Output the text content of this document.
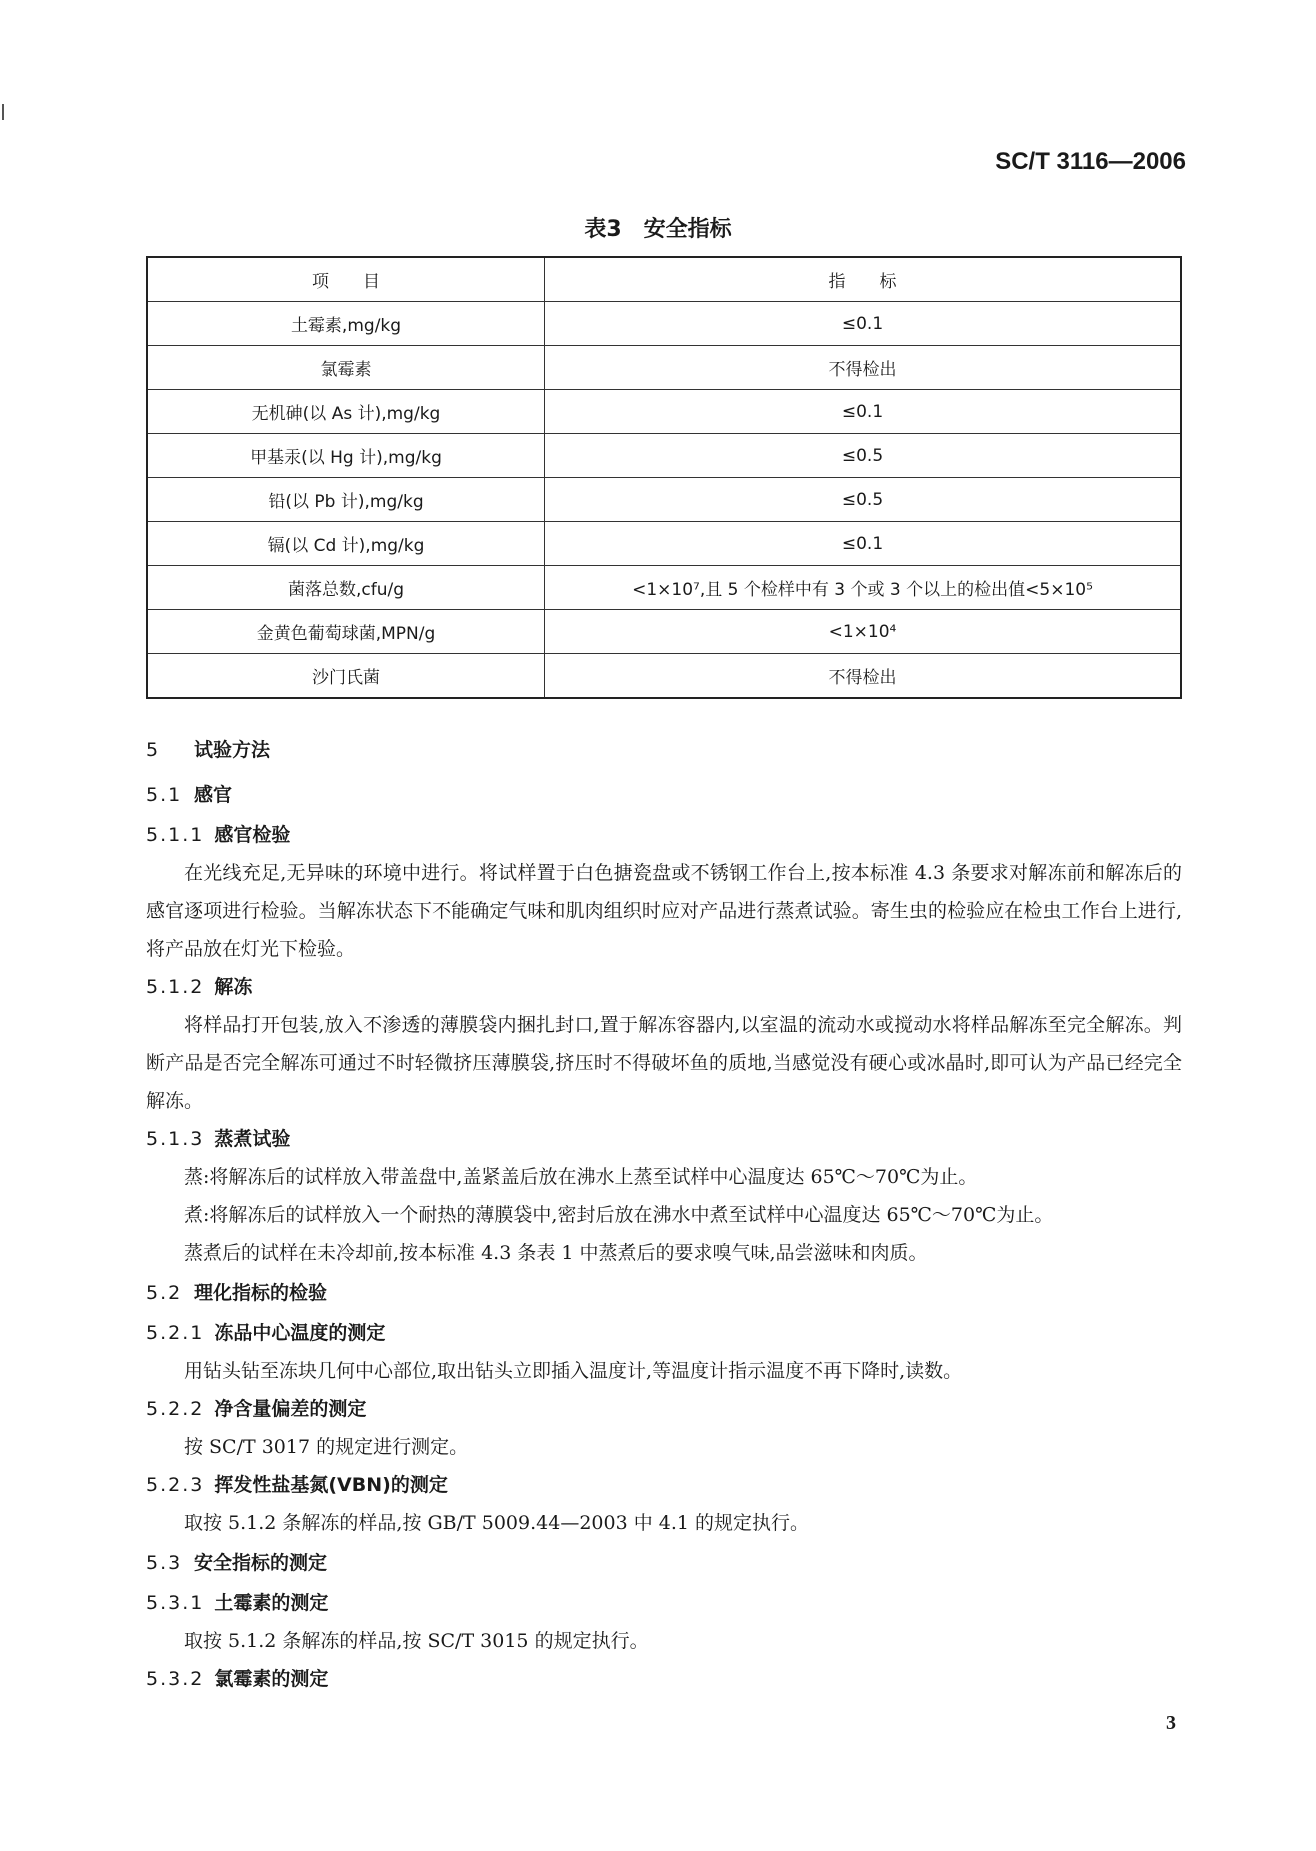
SC/T 3116—2006
表3　安全指标
项　　目	指　　标
土霉素,mg/kg	≤0.1
氯霉素	不得检出
无机砷(以 As 计),mg/kg	≤0.1
甲基汞(以 Hg 计),mg/kg	≤0.5
铅(以 Pb 计),mg/kg	≤0.5
镉(以 Cd 计),mg/kg	≤0.1
菌落总数,cfu/g	<1×10⁷,且 5 个检样中有 3 个或 3 个以上的检出值<5×10⁵
金黄色葡萄球菌,MPN/g	<1×10⁴
沙门氏菌	不得检出
5 试验方法
5.1 感官
5.1.1 感官检验

在光线充足,无异味的环境中进行。将试样置于白色搪瓷盘或不锈钢工作台上,按本标准 4.3 条要求对解冻前和解冻后的感官逐项进行检验。当解冻状态下不能确定气味和肌肉组织时应对产品进行蒸煮试验。寄生虫的检验应在检虫工作台上进行,将产品放在灯光下检验。

5.1.2 解冻

将样品打开包装,放入不渗透的薄膜袋内捆扎封口,置于解冻容器内,以室温的流动水或搅动水将样品解冻至完全解冻。判断产品是否完全解冻可通过不时轻微挤压薄膜袋,挤压时不得破坏鱼的质地,当感觉没有硬心或冰晶时,即可认为产品已经完全解冻。

5.1.3 蒸煮试验

蒸:将解冻后的试样放入带盖盘中,盖紧盖后放在沸水上蒸至试样中心温度达 65℃～70℃为止。

煮:将解冻后的试样放入一个耐热的薄膜袋中,密封后放在沸水中煮至试样中心温度达 65℃～70℃为止。

蒸煮后的试样在未冷却前,按本标准 4.3 条表 1 中蒸煮后的要求嗅气味,品尝滋味和肉质。

5.2 理化指标的检验
5.2.1 冻品中心温度的测定

用钻头钻至冻块几何中心部位,取出钻头立即插入温度计,等温度计指示温度不再下降时,读数。

5.2.2 净含量偏差的测定

按 SC/T 3017 的规定进行测定。

5.2.3 挥发性盐基氮(VBN)的测定

取按 5.1.2 条解冻的样品,按 GB/T 5009.44—2003 中 4.1 的规定执行。

5.3 安全指标的测定
5.3.1 土霉素的测定

取按 5.1.2 条解冻的样品,按 SC/T 3015 的规定执行。

5.3.2 氯霉素的测定
3
